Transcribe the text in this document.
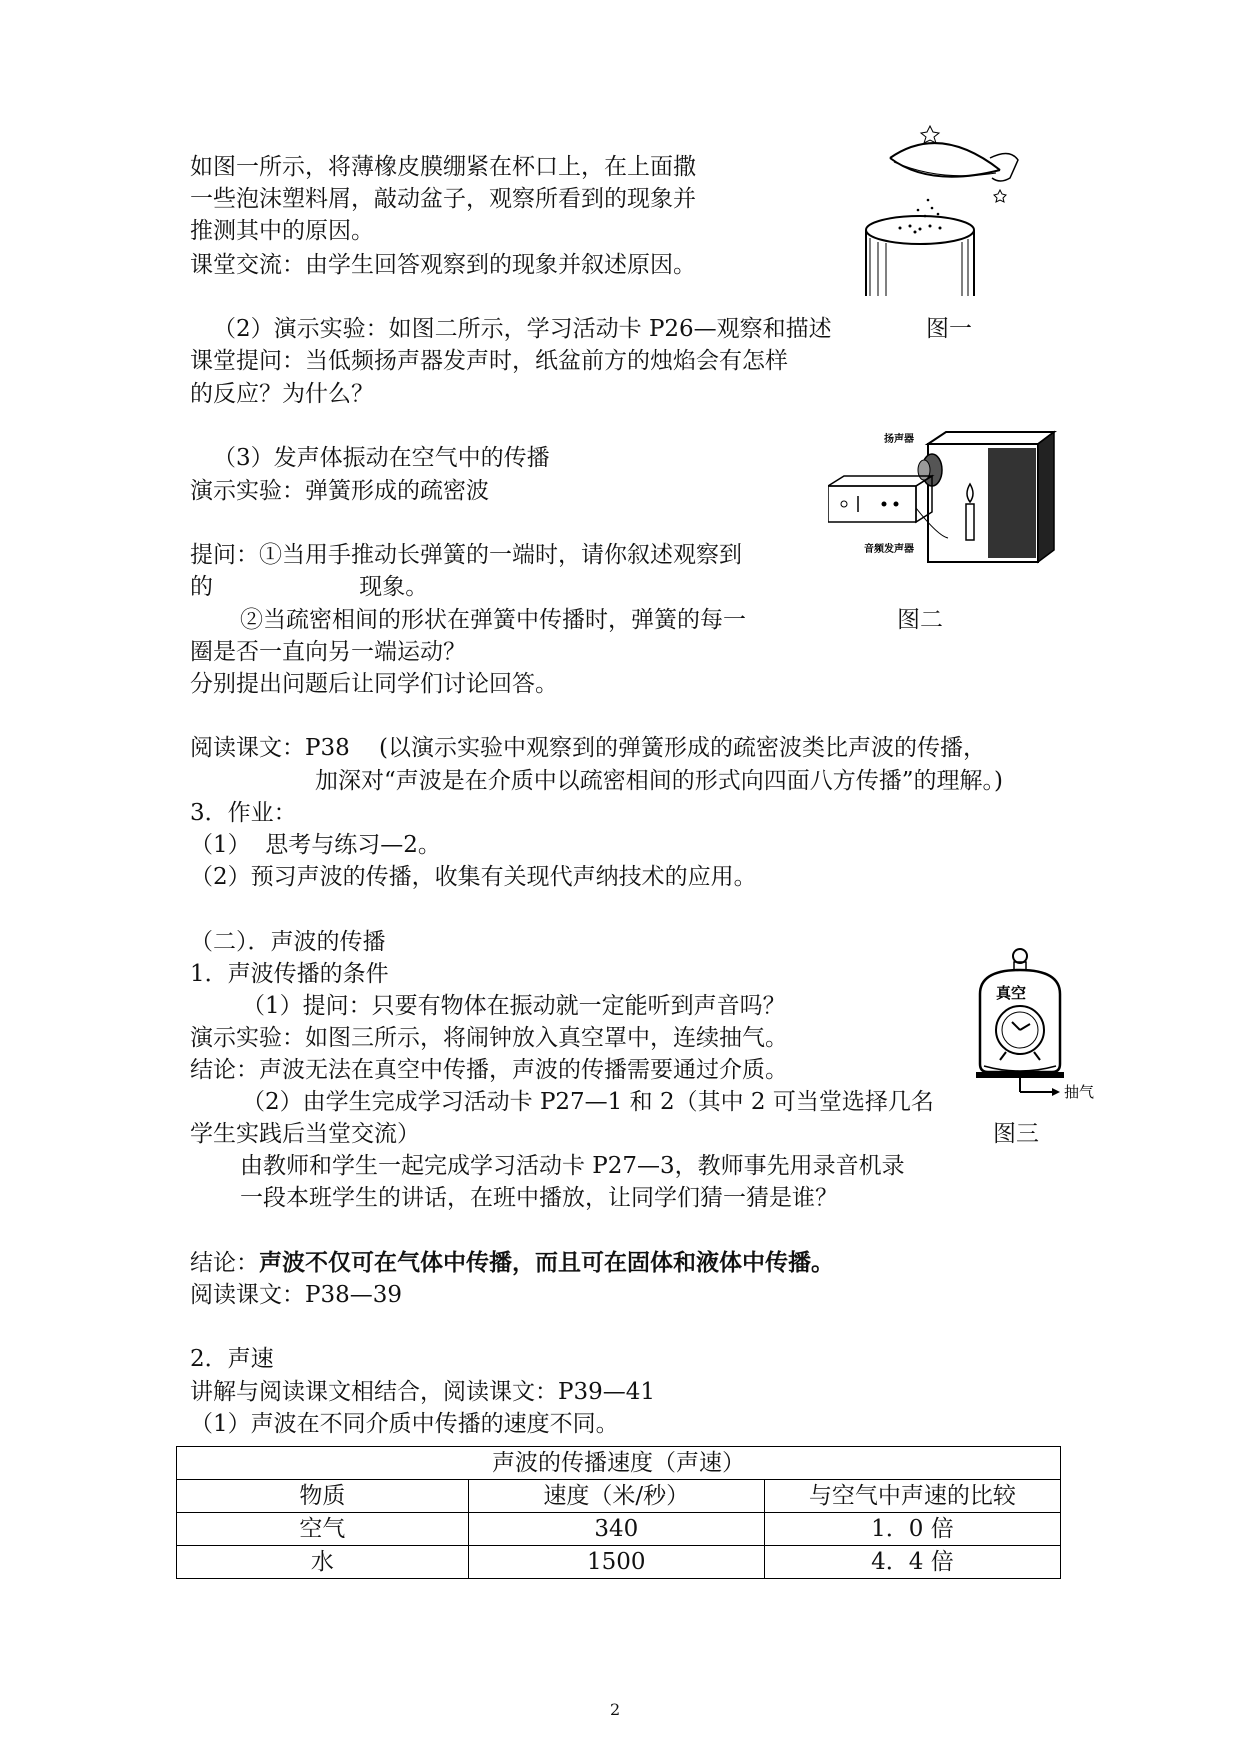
如图一所示，将薄橡皮膜绷紧在杯口上，在上面撒
一些泡沫塑料屑，敲动盆子，观察所看到的现象并
推测其中的原因。
课堂交流：由学生回答观察到的现象并叙述原因。
（2）演示实验：如图二所示，学习活动卡 P26—观察和描述	图一
课堂提问：当低频扬声器发声时，纸盆前方的烛焰会有怎样
的反应？为什么？
（3）发声体振动在空气中的传播
演示实验：弹簧形成的疏密波
提问：①当用手推动长弹簧的一端时，请你叙述观察到
的                    现象。
②当疏密相间的形状在弹簧中传播时，弹簧的每一	图二
圈是否一直向另一端运动？
分别提出问题后让同学们讨论回答。
阅读课文：P38    (以演示实验中观察到的弹簧形成的疏密波类比声波的传播，
加深对“声波是在介质中以疏密相间的形式向四面八方传播”的理解。)
3．作业：
（1）  思考与练习—2。
（2）预习声波的传播，收集有关现代声纳技术的应用。
（二）．声波的传播
1．声波传播的条件
（1）提问：只要有物体在振动就一定能听到声音吗？
演示实验：如图三所示，将闹钟放入真空罩中，连续抽气。
结论：声波无法在真空中传播，声波的传播需要通过介质。
（2）由学生完成学习活动卡 P27—1 和 2（其中 2 可当堂选择几名
学生实践后当堂交流）	图三
由教师和学生一起完成学习活动卡 P27—3，教师事先用录音机录
一段本班学生的讲话，在班中播放，让同学们猜一猜是谁？
结论：声波不仅可在气体中传播，而且可在固体和液体中传播。
阅读课文：P38—39
2．声速
讲解与阅读课文相结合，阅读课文：P39—41
（1）声波在不同介质中传播的速度不同。
扬声器
音频发声器
真空
抽气
声波的传播速度（声速）		
物质	速度（米/秒）	与空气中声速的比较
空气	340	1．0 倍
水	1500	4．4 倍
2
